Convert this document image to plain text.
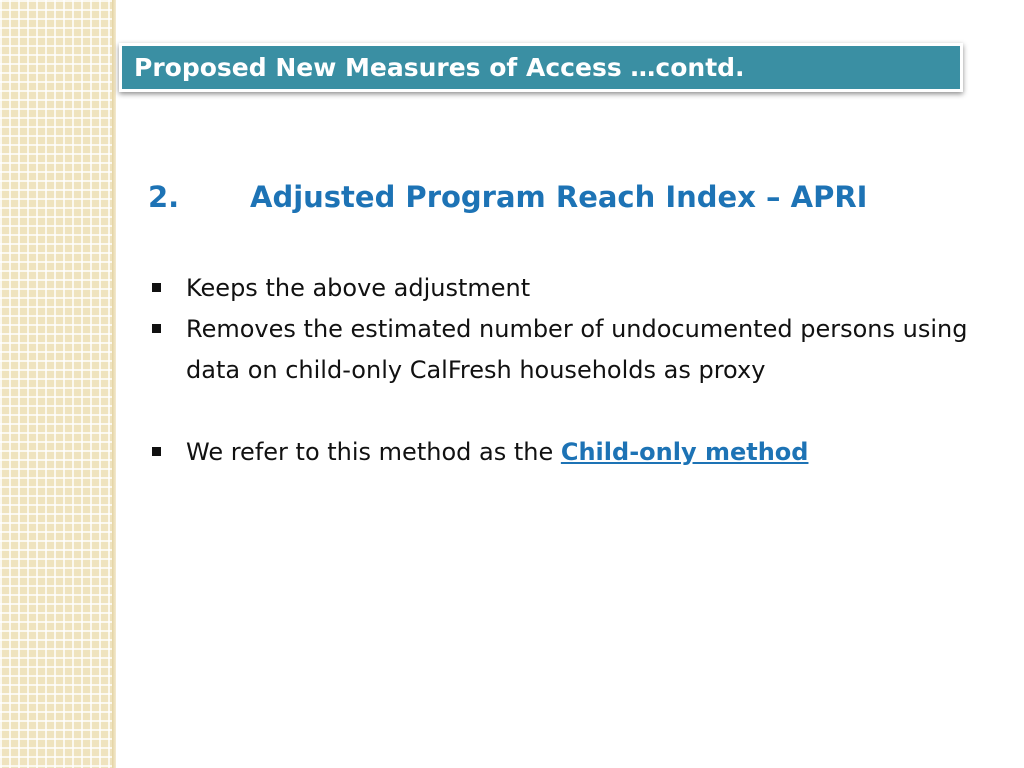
Proposed New Measures of Access …contd.
2. Adjusted Program Reach Index – APRI
Keeps the above adjustment
Removes the estimated number of undocumented persons using data on child-only CalFresh households as proxy
We refer to this method as the Child-only method
